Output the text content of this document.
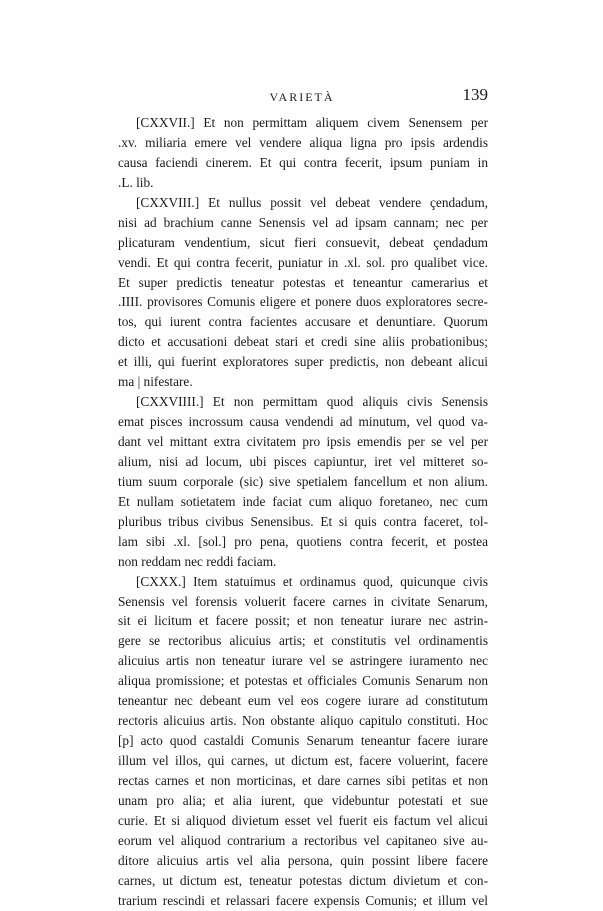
VARIETÀ	139
[CXXVII.] Et non permittam aliquem civem Senensem per
.xv. miliaria emere vel vendere aliqua ligna pro ipsis ardendis
causa faciendi cinerem. Et qui contra fecerit, ipsum puniam in
.L. lib.
[CXXVIII.] Et nullus possit vel debeat vendere çendadum,
nisi ad brachium canne Senensis vel ad ipsam cannam; nec per
plicaturam vendentium, sicut fieri consuevit, debeat çendadum
vendi. Et qui contra fecerit, puniatur in .xl. sol. pro qualibet vice.
Et super predictis teneatur potestas et teneantur camerarius et
.IIII. provisores Comunis eligere et ponere duos exploratores secre-
tos, qui iurent contra facientes accusare et denuntiare. Quorum
dicto et accusationi debeat stari et credi sine aliis probationibus;
et illi, qui fuerint exploratores super predictis, non debeant alicui
ma | nifestare.
[CXXVIIII.] Et non permittam quod aliquis civis Senensis
emat pisces incrossum causa vendendi ad minutum, vel quod va-
dant vel mittant extra civitatem pro ipsis emendis per se vel per
alium, nisi ad locum, ubi pisces capiuntur, iret vel mitteret so-
tium suum corporale (sic) sive spetialem fancellum et non alium.
Et nullam sotietatem inde faciat cum aliquo foretaneo, nec cum
pluribus tribus civibus Senensibus. Et si quis contra faceret, tol-
lam sibi .xl. [sol.] pro pena, quotiens contra fecerit, et postea
non reddam nec reddi faciam.
[CXXX.] Item statuimus et ordinamus quod, quicunque civis
Senensis vel forensis voluerit facere carnes in civitate Senarum,
sit ei licitum et facere possit; et non teneatur iurare nec astrin-
gere se rectoribus alicuius artis; et constitutis vel ordinamentis
alicuius artis non teneatur iurare vel se astringere iuramento nec
aliqua promissione; et potestas et officiales Comunis Senarum non
teneantur nec debeant eum vel eos cogere iurare ad constitutum
rectoris alicuius artis. Non obstante aliquo capitulo constituti. Hoc
[p] acto quod castaldi Comunis Senarum teneantur facere iurare
illum vel illos, qui carnes, ut dictum est, facere voluerint, facere
rectas carnes et non morticinas, et dare carnes sibi petitas et non
unam pro alia; et alia iurent, que videbuntur potestati et sue
curie. Et si aliquod divietum esset vel fuerit eis factum vel alicui
eorum vel aliquod contrarium a rectoribus vel capitaneo sive au-
ditore alicuius artis vel alia persona, quin possint libere facere
carnes, ut dictum est, teneatur potestas dictum divietum et con-
trarium rescindi et relassari facere expensis Comunis; et illum vel
